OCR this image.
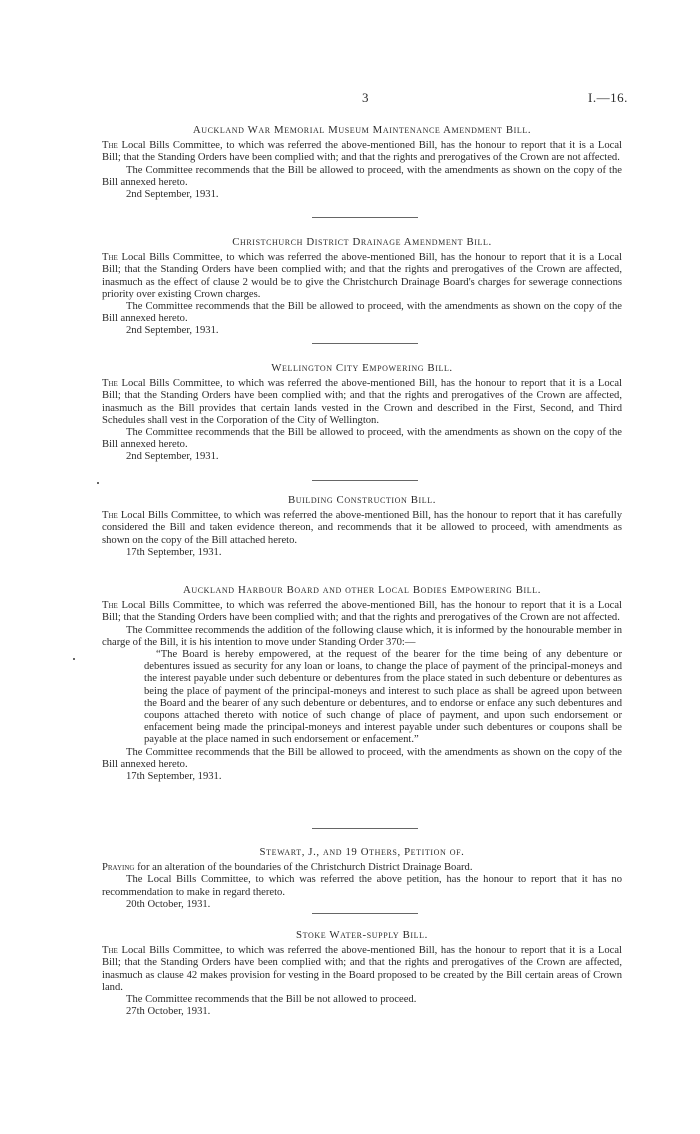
3	I.—16.
Auckland War Memorial Museum Maintenance Amendment Bill.

The Local Bills Committee, to which was referred the above-mentioned Bill, has the honour to report that it is a Local Bill; that the Standing Orders have been complied with; and that the rights and prerogatives of the Crown are not affected.

The Committee recommends that the Bill be allowed to proceed, with the amendments as shown on the copy of the Bill annexed hereto.

2nd September, 1931.

Christchurch District Drainage Amendment Bill.

The Local Bills Committee, to which was referred the above-mentioned Bill, has the honour to report that it is a Local Bill; that the Standing Orders have been complied with; and that the rights and prerogatives of the Crown are affected, inasmuch as the effect of clause 2 would be to give the Christchurch Drainage Board's charges for sewerage connections priority over existing Crown charges.

The Committee recommends that the Bill be allowed to proceed, with the amendments as shown on the copy of the Bill annexed hereto.

2nd September, 1931.

Wellington City Empowering Bill.

The Local Bills Committee, to which was referred the above-mentioned Bill, has the honour to report that it is a Local Bill; that the Standing Orders have been complied with; and that the rights and prerogatives of the Crown are affected, inasmuch as the Bill provides that certain lands vested in the Crown and described in the First, Second, and Third Schedules shall vest in the Corporation of the City of Wellington.

The Committee recommends that the Bill be allowed to proceed, with the amendments as shown on the copy of the Bill annexed hereto.

2nd September, 1931.

Building Construction Bill.

The Local Bills Committee, to which was referred the above-mentioned Bill, has the honour to report that it has carefully considered the Bill and taken evidence thereon, and recommends that it be allowed to proceed, with amendments as shown on the copy of the Bill attached hereto.

17th September, 1931.

Auckland Harbour Board and other Local Bodies Empowering Bill.

The Local Bills Committee, to which was referred the above-mentioned Bill, has the honour to report that it is a Local Bill; that the Standing Orders have been complied with; and that the rights and prerogatives of the Crown are not affected.

The Committee recommends the addition of the following clause which, it is informed by the honourable member in charge of the Bill, it is his intention to move under Standing Order 370:—

“The Board is hereby empowered, at the request of the bearer for the time being of any debenture or debentures issued as security for any loan or loans, to change the place of payment of the principal-moneys and the interest payable under such debenture or debentures from the place stated in such debenture or debentures as being the place of payment of the principal-moneys and interest to such place as shall be agreed upon between the Board and the bearer of any such debenture or debentures, and to endorse or enface any such debentures and coupons attached thereto with notice of such change of place of payment, and upon such endorsement or enfacement being made the principal-moneys and interest payable under such debentures or coupons shall be payable at the place named in such endorsement or enfacement.”

The Committee recommends that the Bill be allowed to proceed, with the amendments as shown on the copy of the Bill annexed hereto.

17th September, 1931.

Stewart, J., and 19 Others, Petition of.

Praying for an alteration of the boundaries of the Christchurch District Drainage Board.

The Local Bills Committee, to which was referred the above petition, has the honour to report that it has no recommendation to make in regard thereto.

20th October, 1931.

Stoke Water-supply Bill.

The Local Bills Committee, to which was referred the above-mentioned Bill, has the honour to report that it is a Local Bill; that the Standing Orders have been complied with; and that the rights and prerogatives of the Crown are affected, inasmuch as clause 42 makes provision for vesting in the Board proposed to be created by the Bill certain areas of Crown land.

The Committee recommends that the Bill be not allowed to proceed.

27th October, 1931.
